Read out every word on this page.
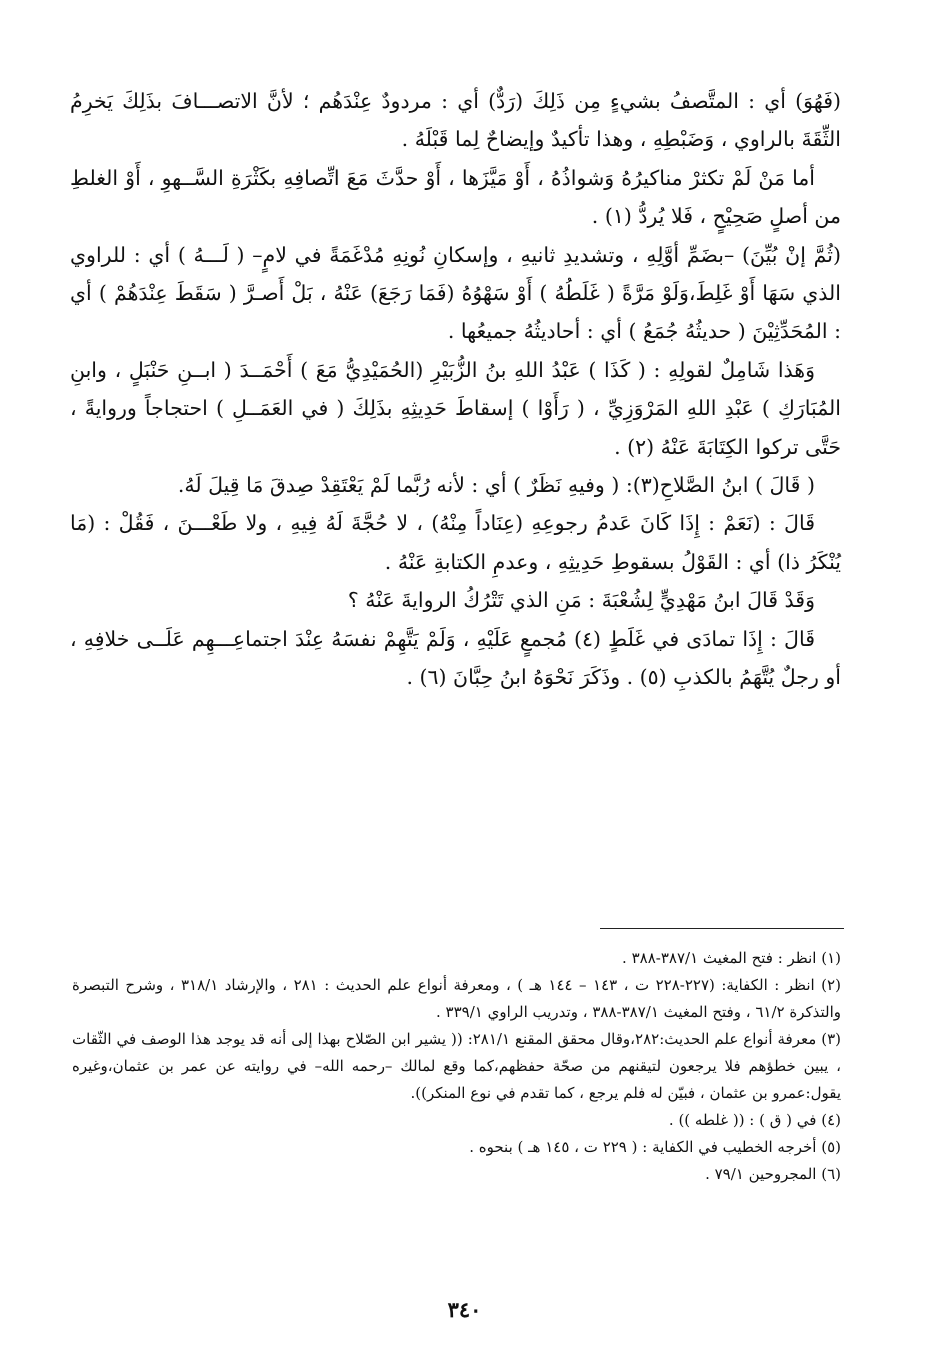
(فَهُوَ) أي : المتَّصفُ بشيءٍ مِن ذَلِكَ (رَدٌّ) أي : مردودٌ عِنْدَهُم ؛ لأنَّ الاتصـــافَ بذَلِكَ يَخرِمُ الثِّقَةَ بالراوي ، وَضَبْطِهِ ، وهذا تأكيدٌ وإيضاحٌ لِما قَبْلَهُ .

أما مَنْ لَمْ تكثرْ مناكيرُهُ وَشواذُهُ ، أَوْ مَيَّزَها ، أَوْ حدَّثَ مَعَ اتِّصافِهِ بكَثْرَةِ السَّــهوِ ، أَوْ الغلطِ من أصلٍ صَحِيْحٍ ، فَلا يُردُّ (١) .

(ثُمَّ إنْ بُيِّنَ) –بضَمِّ أوَّلِهِ ، وتشديدِ ثانيهِ ، وإسكانِ نُونِهِ مُدْغَمَةً في لامٍ– ( لَـــهُ ) أي : للراوي الذي سَهَا أَوْ غَلِطَ،وَلَوْ مَرَّةً ( غَلَطُهُ ) أَوْ سَهْوُهُ (فَمَا رَجَعَ) عَنْهُ ، بَلْ أَصـرَّ ( سَقَطَ عِنْدَهُمْ ) أي : المُحَدِّثِيْنَ ( حديثُهُ جُمَعُ ) أي : أحاديثُهُ جميعُها .

وَهَذا شَامِلٌ لقولِهِ : ( كَذَا ) عَبْدُ اللهِ بنُ الزُّبَيْرِ (الحُمَيْدِيُّ مَعَ ) أَحْمَــدَ ( ابــنِ حَنْبَلٍ ، وابنِ المُبَارَكِ ) عَبْدِ اللهِ المَرْوَزِيِّ ، ( رَأَوْا ) إسقاطَ حَدِيثِهِ بذَلِكَ ( في العَمَــلِ ) احتجاجاً وروايةً ، حَتَّى تركوا الكِتَابَةَ عَنْهُ (٢) .

( قَالَ ) ابنُ الصَّلاحِ(٣): ( وفيهِ نَظَرٌ ) أي : لأنه رُبَّما لَمْ يَعْتَقِدْ صِدقَ مَا قِيلَ لَهُ.

قَالَ : (نَعَمْ : إِذَا كَانَ عَدمُ رجوعِهِ (عِنَاداً مِنْهُ) ، لا حُجَّةَ لَهُ فِيهِ ، ولا طَعْـــنَ ، فَقُلْ : (مَا يُنْكَرُ ذا) أي : القَوْلُ بسقوطِ حَدِيثِهِ ، وعدمِ الكتابةِ عَنْهُ .

وَقَدْ قَالَ ابنُ مَهْدِيٍّ لِشُعْبَةَ : مَنِ الذي تَتْرُكُ الروايةَ عَنْهُ ؟

قَالَ : إِذَا تمادَى في غَلَطٍ (٤) مُجمعٍ عَلَيْهِ ، وَلَمْ يَتَّهِمْ نفسَهُ عِنْدَ اجتماعِـــهِم عَلَــى خلافِهِ ، أو رجلٌ يُتَّهَمُ بالكذبِ (٥) . وذَكَرَ نَحْوَهُ ابنُ حِبَّانَ (٦) .

(١) انظر : فتح المغيث ٣٨٧/١-٣٨٨ .

(٢) انظر : الكفاية: (٢٢٧-٢٢٨ ت ، ١٤٣ – ١٤٤ هـ ) ، ومعرفة أنواع علم الحديث : ٢٨١ ، والإرشاد ٣١٨/١ ، وشرح التبصرة والتذكرة ٦١/٢ ، وفتح المغيث ٣٨٧/١-٣٨٨ ، وتدريب الراوي ٣٣٩/١ .

(٣) معرفة أنواع علم الحديث:٢٨٢،وقال محقق المقنع ٢٨١/١: (( يشير ابن الصّلاح بهذا إلى أنه قد يوجد هذا الوصف في الثّقات ، يبين خطؤهم فلا يرجعون لتيقنهم من صحّة حفظهم،كما وقع لمالك –رحمه الله– في روايته عن عمر بن عثمان،وغيره يقول:عمرو بن عثمان ، فبيّن له فلم يرجع ، كما تقدم في نوع المنكر)).

(٤) في ( ق ) : (( غلطه )) .

(٥) أخرجه الخطيب في الكفاية : ( ٢٢٩ ت ، ١٤٥ هـ ) بنحوه .

(٦) المجروحين ٧٩/١ .

٣٤٠
